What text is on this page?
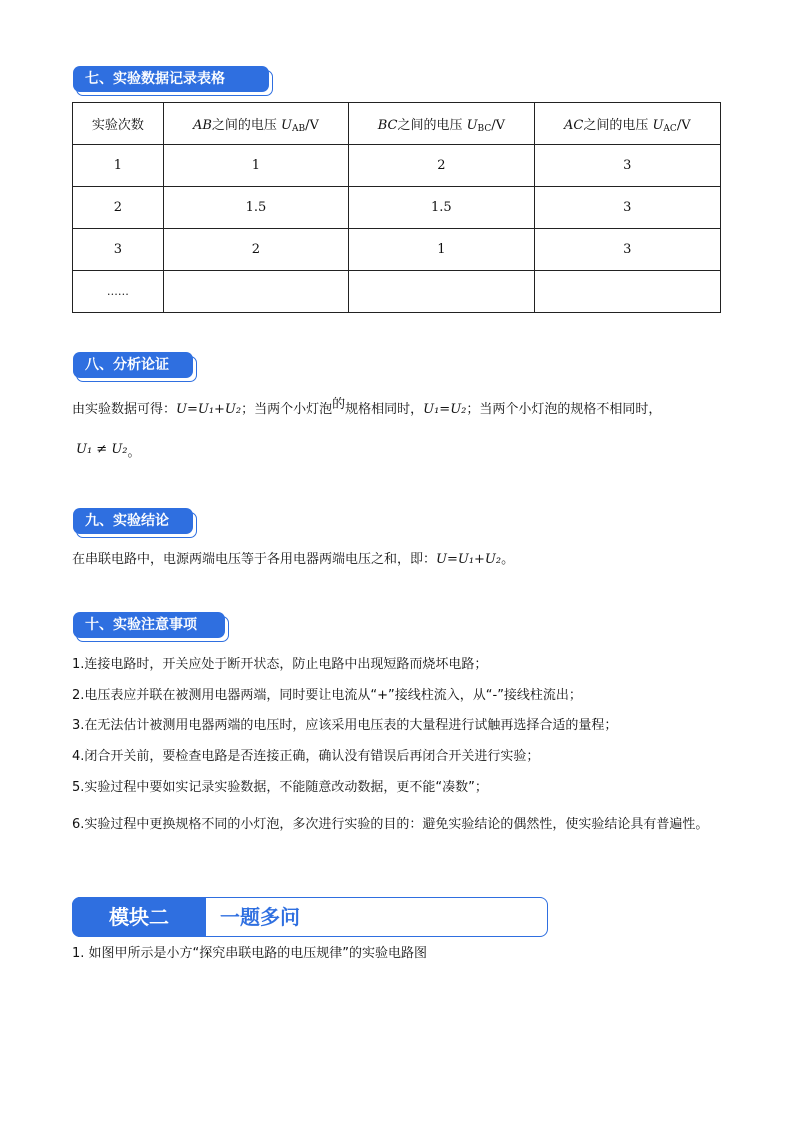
七、实验数据记录表格
实验次数	AB之间的电压 $U_{AB}/V$	BC之间的电压 $U_{BC}/V$	AC之间的电压 $U_{AC}/V$
1	1	2	3
2	1.5	1.5	3
3	2	1	3
……			
八、分析论证
由实验数据可得：U=U₁+U₂；当两个小灯泡的规格相同时，U₁=U₂；当两个小灯泡的规格不相同时，
U₁ ≠ U₂。
九、实验结论
在串联电路中，电源两端电压等于各用电器两端电压之和，即：U=U₁+U₂。
十、实验注意事项
1.连接电路时，开关应处于断开状态，防止电路中出现短路而烧坏电路；
2.电压表应并联在被测用电器两端，同时要让电流从“+”接线柱流入，从“-”接线柱流出；
3.在无法估计被测用电器两端的电压时，应该采用电压表的大量程进行试触再选择合适的量程；
4.闭合开关前，要检查电路是否连接正确，确认没有错误后再闭合开关进行实验；
5.实验过程中要如实记录实验数据，不能随意改动数据，更不能“凑数”；
6.实验过程中更换规格不同的小灯泡，多次进行实验的目的：避免实验结论的偶然性，使实验结论具有普遍性。
模块二	一题多问
1. 如图甲所示是小方“探究串联电路的电压规律”的实验电路图
